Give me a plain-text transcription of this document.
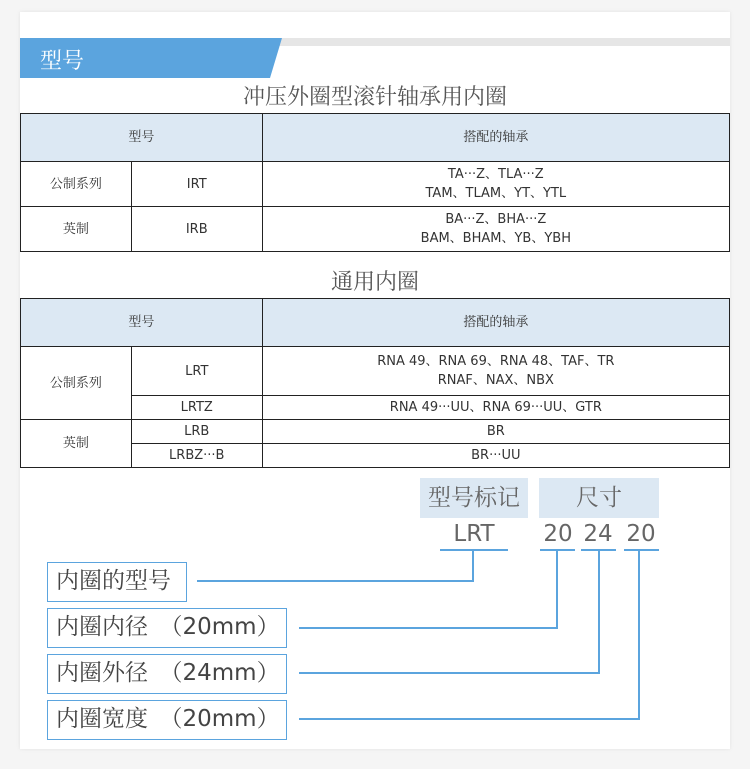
型号
冲压外圈型滚针轴承用内圈
型号		搭配的轴承
公制系列	IRT	TA···Z、TLA···Z
TAM、TLAM、YT、YTL

英制	IRB	BA···Z、BHA···Z
BAM、BHAM、YB、YBH
通用内圈
型号		搭配的轴承
公制系列	LRT	RNA 49、RNA 69、RNA 48、TAF、TR
RNAF、NAX、NBX

	LRTZ	RNA 49···UU、RNA 69···UU、GTR
英制	LRB	BR
	LRBZ···B	BR···UU
型号标记	尺寸
LRT	20 24 20
内圈的型号
内圈内径　（20mm）
内圈外径　（24mm）
内圈宽度　（20mm）
